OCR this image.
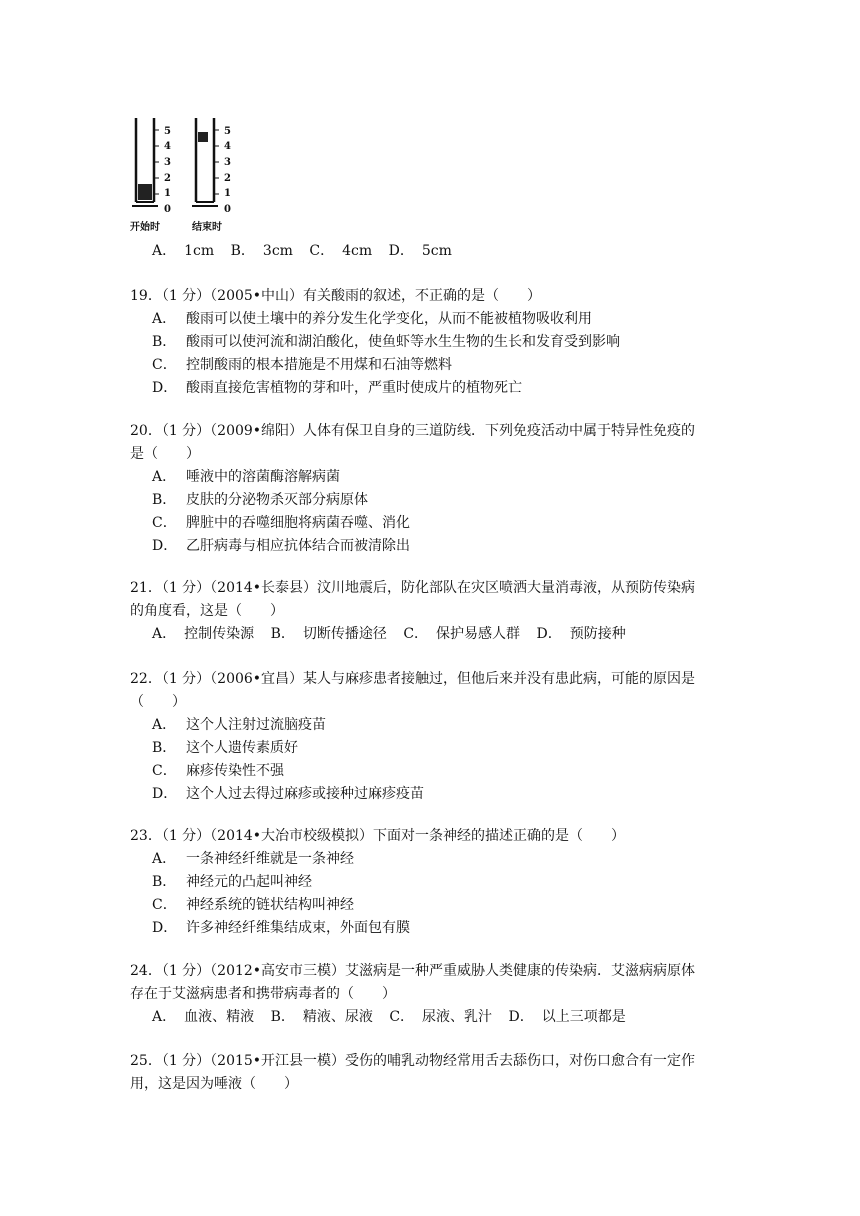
5
4
3
2
1
0
5
4
3
2
1
0
开始时	结束时
A． 1cm B． 3cm C． 4cm D． 5cm
19．（1 分）（2005•中山）有关酸雨的叙述，不正确的是（　　）
A． 酸雨可以使土壤中的养分发生化学变化，从而不能被植物吸收利用
B． 酸雨可以使河流和湖泊酸化，使鱼虾等水生生物的生长和发育受到影响
C． 控制酸雨的根本措施是不用煤和石油等燃料
D． 酸雨直接危害植物的芽和叶，严重时使成片的植物死亡
20．（1 分）（2009•绵阳）人体有保卫自身的三道防线．下列免疫活动中属于特异性免疫的
是（　　）
A． 唾液中的溶菌酶溶解病菌
B． 皮肤的分泌物杀灭部分病原体
C． 脾脏中的吞噬细胞将病菌吞噬、消化
D． 乙肝病毒与相应抗体结合而被清除出
21．（1 分）（2014•长泰县）汶川地震后，防化部队在灾区喷洒大量消毒液，从预防传染病
的角度看，这是（　　）
A． 控制传染源 B． 切断传播途径 C． 保护易感人群 D． 预防接种
22．（1 分）（2006•宜昌）某人与麻疹患者接触过，但他后来并没有患此病，可能的原因是
（　　）
A． 这个人注射过流脑疫苗
B． 这个人遗传素质好
C． 麻疹传染性不强
D． 这个人过去得过麻疹或接种过麻疹疫苗
23．（1 分）（2014•大冶市校级模拟）下面对一条神经的描述正确的是（　　）
A． 一条神经纤维就是一条神经
B． 神经元的凸起叫神经
C． 神经系统的链状结构叫神经
D． 许多神经纤维集结成束，外面包有膜
24．（1 分）（2012•高安市三模）艾滋病是一种严重威胁人类健康的传染病．艾滋病病原体
存在于艾滋病患者和携带病毒者的（　　）
A． 血液、精液 B． 精液、尿液 C． 尿液、乳汁 D． 以上三项都是
25．（1 分）（2015•开江县一模）受伤的哺乳动物经常用舌去舔伤口，对伤口愈合有一定作
用，这是因为唾液（　　）
